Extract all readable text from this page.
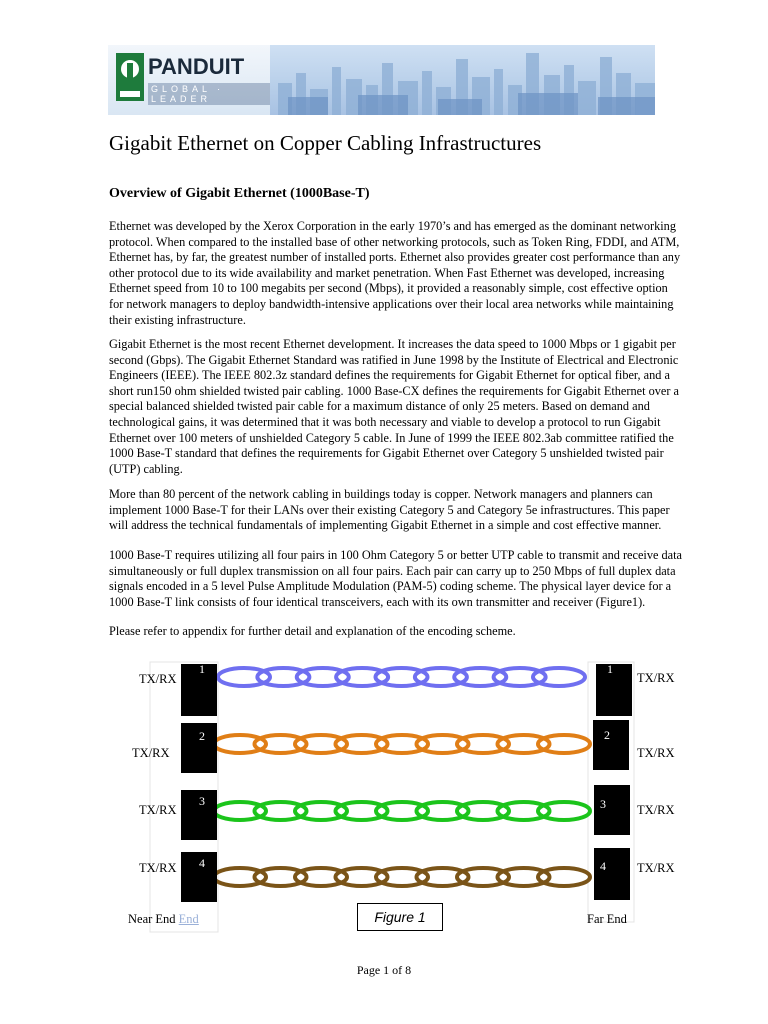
PANDUIT
GLOBAL · LEADER
Gigabit Ethernet on Copper Cabling Infrastructures
Overview of Gigabit Ethernet (1000Base-T)
Ethernet was developed by the Xerox Corporation in the early 1970’s and has emerged as the dominant networking
protocol. When compared to the installed base of other networking protocols, such as Token Ring, FDDI, and ATM,
Ethernet has, by far, the greatest number of installed ports. Ethernet also provides greater cost performance than any
other protocol due to its wide availability and market penetration. When Fast Ethernet was developed, increasing
Ethernet speed from 10 to 100 megabits per second (Mbps), it provided a reasonably simple, cost effective option
for network managers to deploy bandwidth-intensive applications over their local area networks while maintaining
their existing infrastructure.
Gigabit Ethernet is the most recent Ethernet development. It increases the data speed to 1000 Mbps or 1 gigabit per
second (Gbps). The Gigabit Ethernet Standard was ratified in June 1998 by the Institute of Electrical and Electronic
Engineers (IEEE). The IEEE 802.3z standard defines the requirements for Gigabit Ethernet for optical fiber, and a
short run150 ohm shielded twisted pair cabling. 1000 Base-CX defines the requirements for Gigabit Ethernet over a
special balanced shielded twisted pair cable for a maximum distance of only 25 meters. Based on demand and
technological gains, it was determined that it was both necessary and viable to develop a protocol to run Gigabit
Ethernet over 100 meters of unshielded Category 5 cable. In June of 1999 the IEEE 802.3ab committee ratified the
1000 Base-T standard that defines the requirements for Gigabit Ethernet over Category 5 unshielded twisted pair
(UTP) cabling.
More than 80 percent of the network cabling in buildings today is copper. Network managers and planners can
implement 1000 Base-T for their LANs over their existing Category 5 and Category 5e infrastructures. This paper
will address the technical fundamentals of implementing Gigabit Ethernet in a simple and cost effective manner.
1000 Base-T requires utilizing all four pairs in 100 Ohm Category 5 or better UTP cable to transmit and receive data
simultaneously or full duplex transmission on all four pairs. Each pair can carry up to 250 Mbps of full duplex data
signals encoded in a 5 level Pulse Amplitude Modulation (PAM-5) coding scheme. The physical layer device for a
1000 Base-T link consists of four identical transceivers, each with its own transmitter and receiver (Figure1).
Please refer to appendix for further detail and explanation of the encoding scheme.
1
2
3
4
1
2
3
4
TX/RX
TX/RX
TX/RX
TX/RX
TX/RX
TX/RX
TX/RX
TX/RX
Figure 1
Near End End	Far End
Page 1 of 8
